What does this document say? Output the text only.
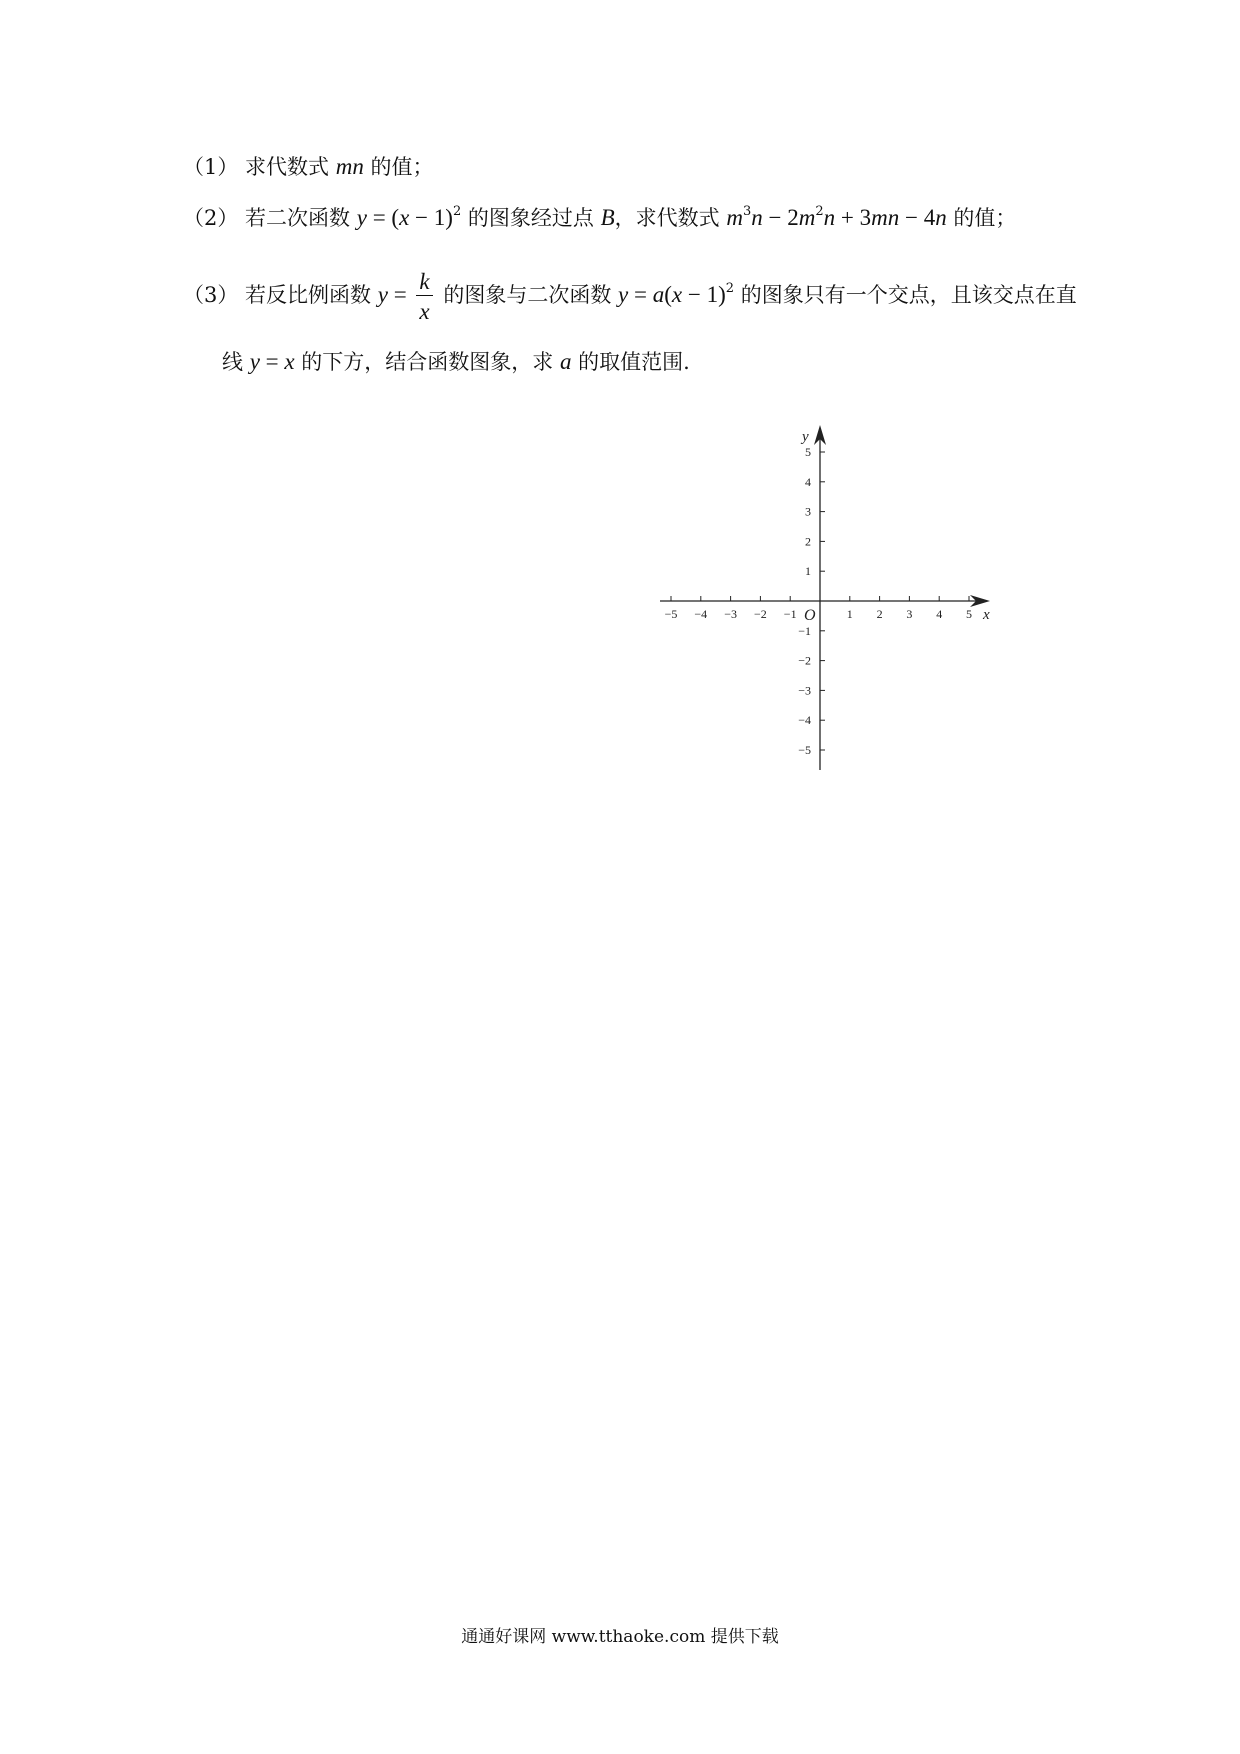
（1） 求代数式 mn 的值；
（2） 若二次函数 $y = (x - 1)^2$ 的图象经过点 B，求代数式 $m^3n - 2m^2n + 3mn - 4n$ 的值；
（3） 若反比例函数 $y = \frac{k}{x}$ 的图象与二次函数 $y = a(x - 1)^2$ 的图象只有一个交点，且该交点在直
线 y = x 的下方，结合函数图象，求 a 的取值范围.
−5 −4 −3 −2 −1	1 2 3 4 5
5
4
3
2
1
−1
−2
−3
−4
−5
O	x
y
通通好课网 www.tthaoke.com 提供下载
